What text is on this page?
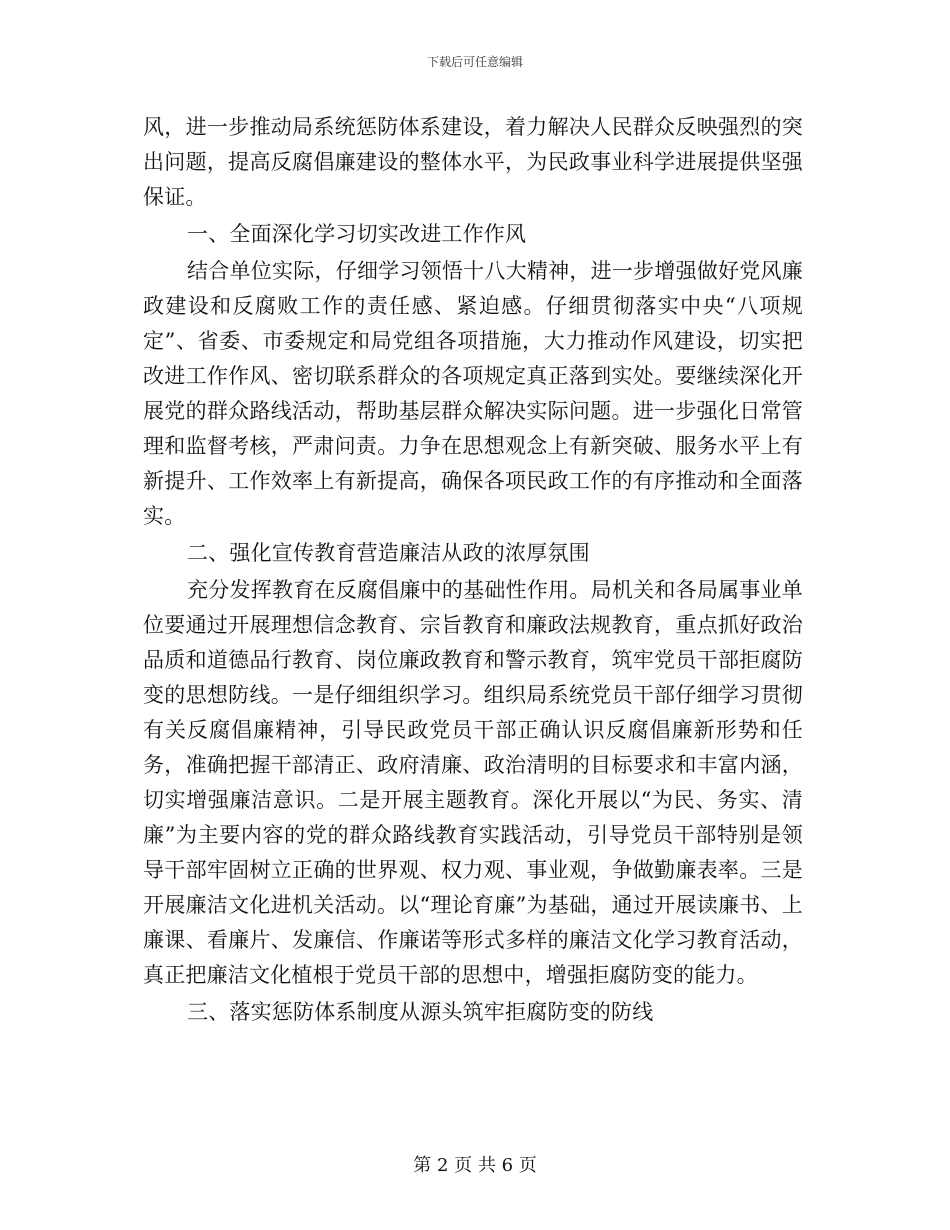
下载后可任意编辑

风，进一步推动局系统惩防体系建设，着力解决人民群众反映强烈的突出问题，提高反腐倡廉建设的整体水平，为民政事业科学进展提供坚强保证。

一、全面深化学习切实改进工作作风

结合单位实际，仔细学习领悟十八大精神，进一步增强做好党风廉政建设和反腐败工作的责任感、紧迫感。仔细贯彻落实中央“八项规定”、省委、市委规定和局党组各项措施，大力推动作风建设，切实把改进工作作风、密切联系群众的各项规定真正落到实处。要继续深化开展党的群众路线活动，帮助基层群众解决实际问题。进一步强化日常管理和监督考核，严肃问责。力争在思想观念上有新突破、服务水平上有新提升、工作效率上有新提高，确保各项民政工作的有序推动和全面落实。

二、强化宣传教育营造廉洁从政的浓厚氛围

充分发挥教育在反腐倡廉中的基础性作用。局机关和各局属事业单位要通过开展理想信念教育、宗旨教育和廉政法规教育，重点抓好政治品质和道德品行教育、岗位廉政教育和警示教育，筑牢党员干部拒腐防变的思想防线。一是仔细组织学习。组织局系统党员干部仔细学习贯彻有关反腐倡廉精神，引导民政党员干部正确认识反腐倡廉新形势和任务，准确把握干部清正、政府清廉、政治清明的目标要求和丰富内涵，切实增强廉洁意识。二是开展主题教育。深化开展以“为民、务实、清廉”为主要内容的党的群众路线教育实践活动，引导党员干部特别是领导干部牢固树立正确的世界观、权力观、事业观，争做勤廉表率。三是开展廉洁文化进机关活动。以“理论育廉”为基础，通过开展读廉书、上廉课、看廉片、发廉信、作廉诺等形式多样的廉洁文化学习教育活动，真正把廉洁文化植根于党员干部的思想中，增强拒腐防变的能力。

三、落实惩防体系制度从源头筑牢拒腐防变的防线

第 2 页 共 6 页
